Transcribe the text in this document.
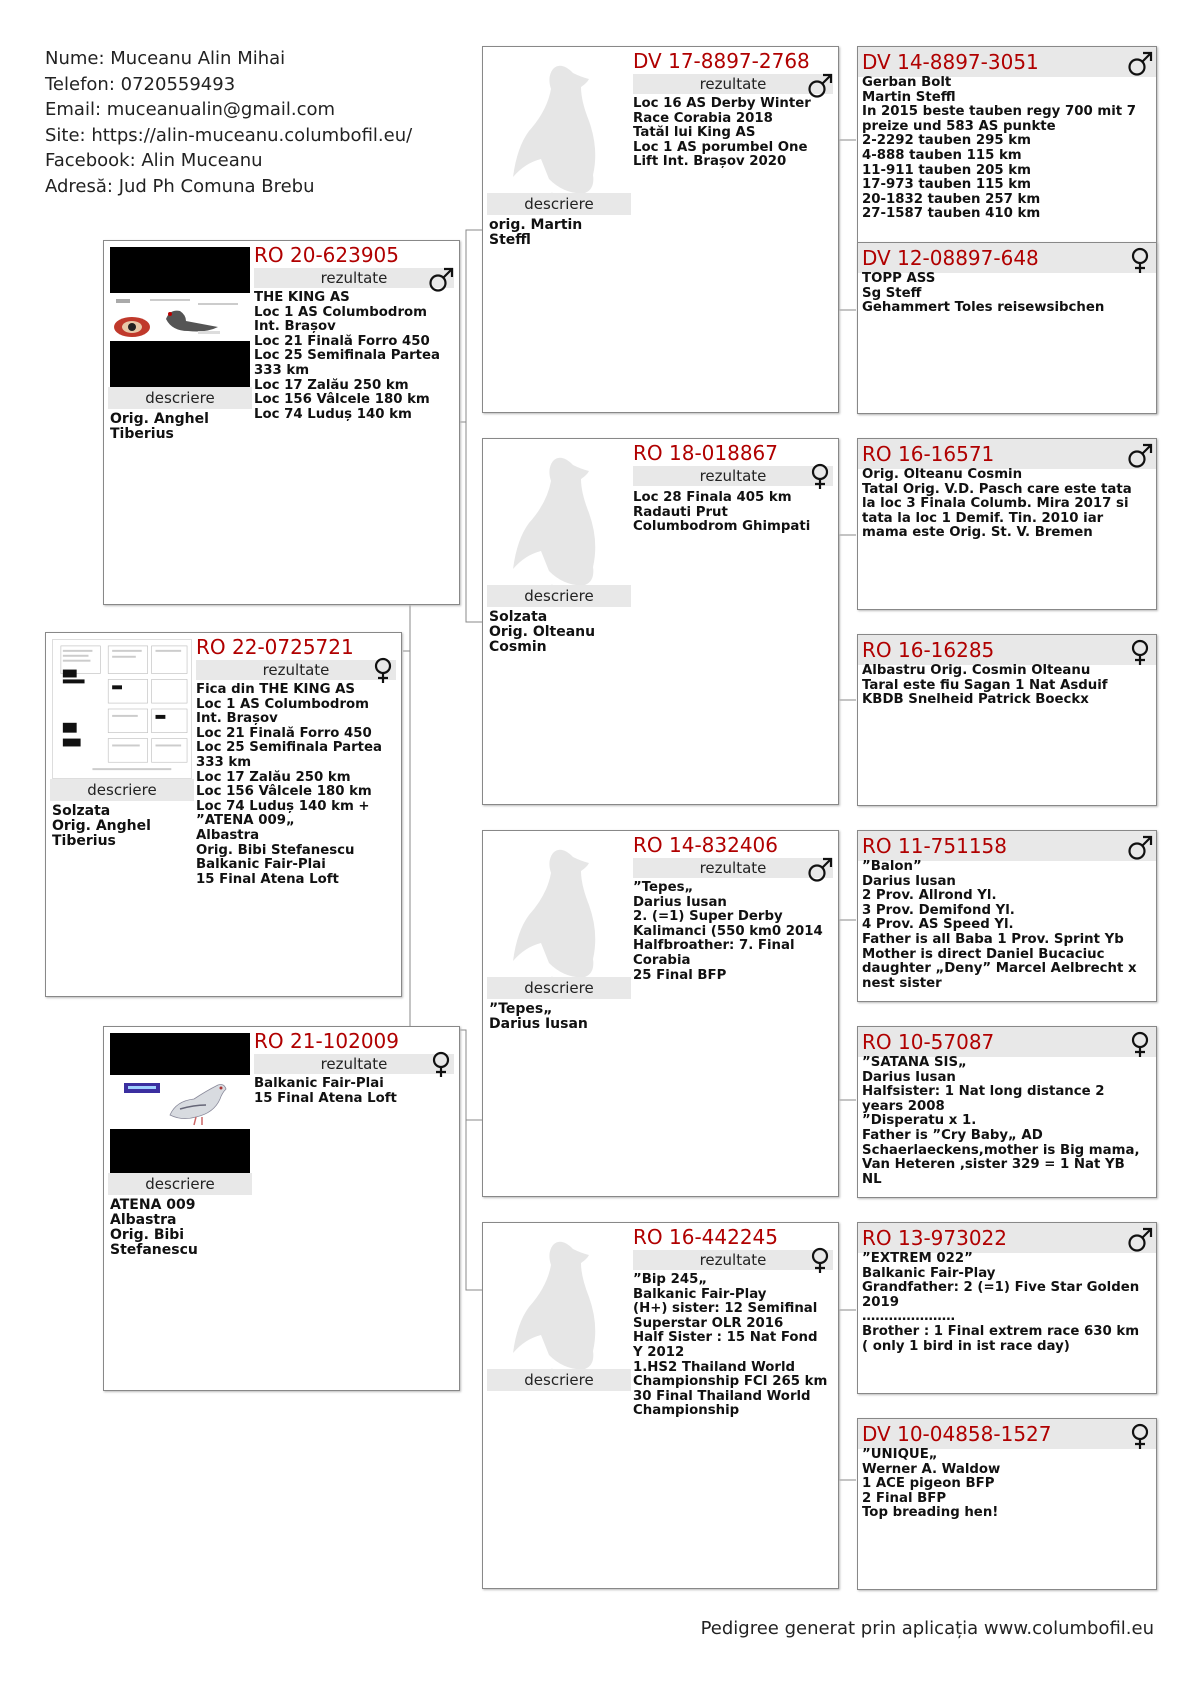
Nume: Muceanu Alin Mihai
Telefon: 0720559493
Email: muceanualin@gmail.com
Site: https://alin-muceanu.columbofil.eu/
Facebook: Alin Muceanu
Adresă: Jud Ph Comuna Brebu
descriere
Solzata
Orig. Anghel
Tiberius
RO 22-0725721
rezultate
Fica din THE KING AS
Loc 1 AS Columbodrom
Int. Brașov
Loc 21 Finală Forro 450
Loc 25 Semifinala Partea
333 km
Loc 17 Zalău 250 km
Loc 156 Vâlcele 180 km
Loc 74 Luduș 140 km +
”ATENA 009„
Albastra
Orig. Bibi Stefanescu
Balkanic Fair-Plai
15 Final Atena Loft
descriere
Orig. Anghel
Tiberius
RO 20-623905
rezultate
THE KING AS
Loc 1 AS Columbodrom
Int. Brașov
Loc 21 Finală Forro 450
Loc 25 Semifinala Partea
333 km
Loc 17 Zalău 250 km
Loc 156 Vâlcele 180 km
Loc 74 Luduș 140 km
descriere
ATENA 009
Albastra
Orig. Bibi
Stefanescu
RO 21-102009
rezultate
Balkanic Fair-Plai
15 Final Atena Loft
descriere
orig. Martin
Steffl
DV 17-8897-2768
rezultate
Loc 16 AS Derby Winter
Race Corabia 2018
Tatăl lui King AS
Loc 1 AS porumbel One
Lift Int. Brașov 2020
descriere
Solzata
Orig. Olteanu
Cosmin
RO 18-018867
rezultate
Loc 28 Finala 405 km
Radauti Prut
Columbodrom Ghimpati
descriere
”Tepes„
Darius Iusan
RO 14-832406
rezultate
”Tepes„
Darius Iusan
2. (=1) Super Derby
Kalimanci (550 km0 2014
Halfbroather: 7. Final
Corabia
25 Final BFP
descriere
RO 16-442245
rezultate
”Bip 245„
Balkanic Fair-Play
(H+) sister: 12 Semifinal
Superstar OLR 2016
Half Sister : 15 Nat Fond
Y 2012
1.HS2 Thailand World
Championship FCI 265 km
30 Final Thailand World
Championship
DV 14-8897-3051
Gerban Bolt
Martin Steffl
In 2015 beste tauben regy 700 mit 7
preize und 583 AS punkte
2-2292 tauben 295 km
4-888 tauben 115 km
11-911 tauben 205 km
17-973 tauben 115 km
20-1832 tauben 257 km
27-1587 tauben 410 km
DV 12-08897-648
TOPP ASS
Sg Steff
Gehammert Toles reisewsibchen
RO 16-16571
Orig. Olteanu Cosmin
Tatal Orig. V.D. Pasch care este tata
la loc 3 Finala Columb. Mira 2017 si
tata la loc 1 Demif. Tin. 2010 iar
mama este Orig. St. V. Bremen
RO 16-16285
Albastru Orig. Cosmin Olteanu
Taral este fiu Sagan 1 Nat Asduif
KBDB Snelheid Patrick Boeckx
RO 11-751158
”Balon”
Darius Iusan
2 Prov. Allrond Yl.
3 Prov. Demifond Yl.
4 Prov. AS Speed Yl.
Father is all Baba 1 Prov. Sprint Yb
Mother is direct Daniel Bucaciuc
daughter „Deny” Marcel Aelbrecht x
nest sister
RO 10-57087
”SATANA SIS„
Darius Iusan
Halfsister: 1 Nat long distance 2
years 2008
”Disperatu x 1.
Father is ”Cry Baby„ AD
Schaerlaeckens,mother is Big mama,
Van Heteren ,sister 329 = 1 Nat YB
NL
RO 13-973022
”EXTREM 022”
Balkanic Fair-Play
Grandfather: 2 (=1) Five Star Golden
2019
…………………
Brother : 1 Final extrem race 630 km
( only 1 bird in ist race day)
DV 10-04858-1527
”UNIQUE„
Werner A. Waldow
1 ACE pigeon BFP
2 Final BFP
Top breading hen!
Pedigree generat prin aplicația www.columbofil.eu
